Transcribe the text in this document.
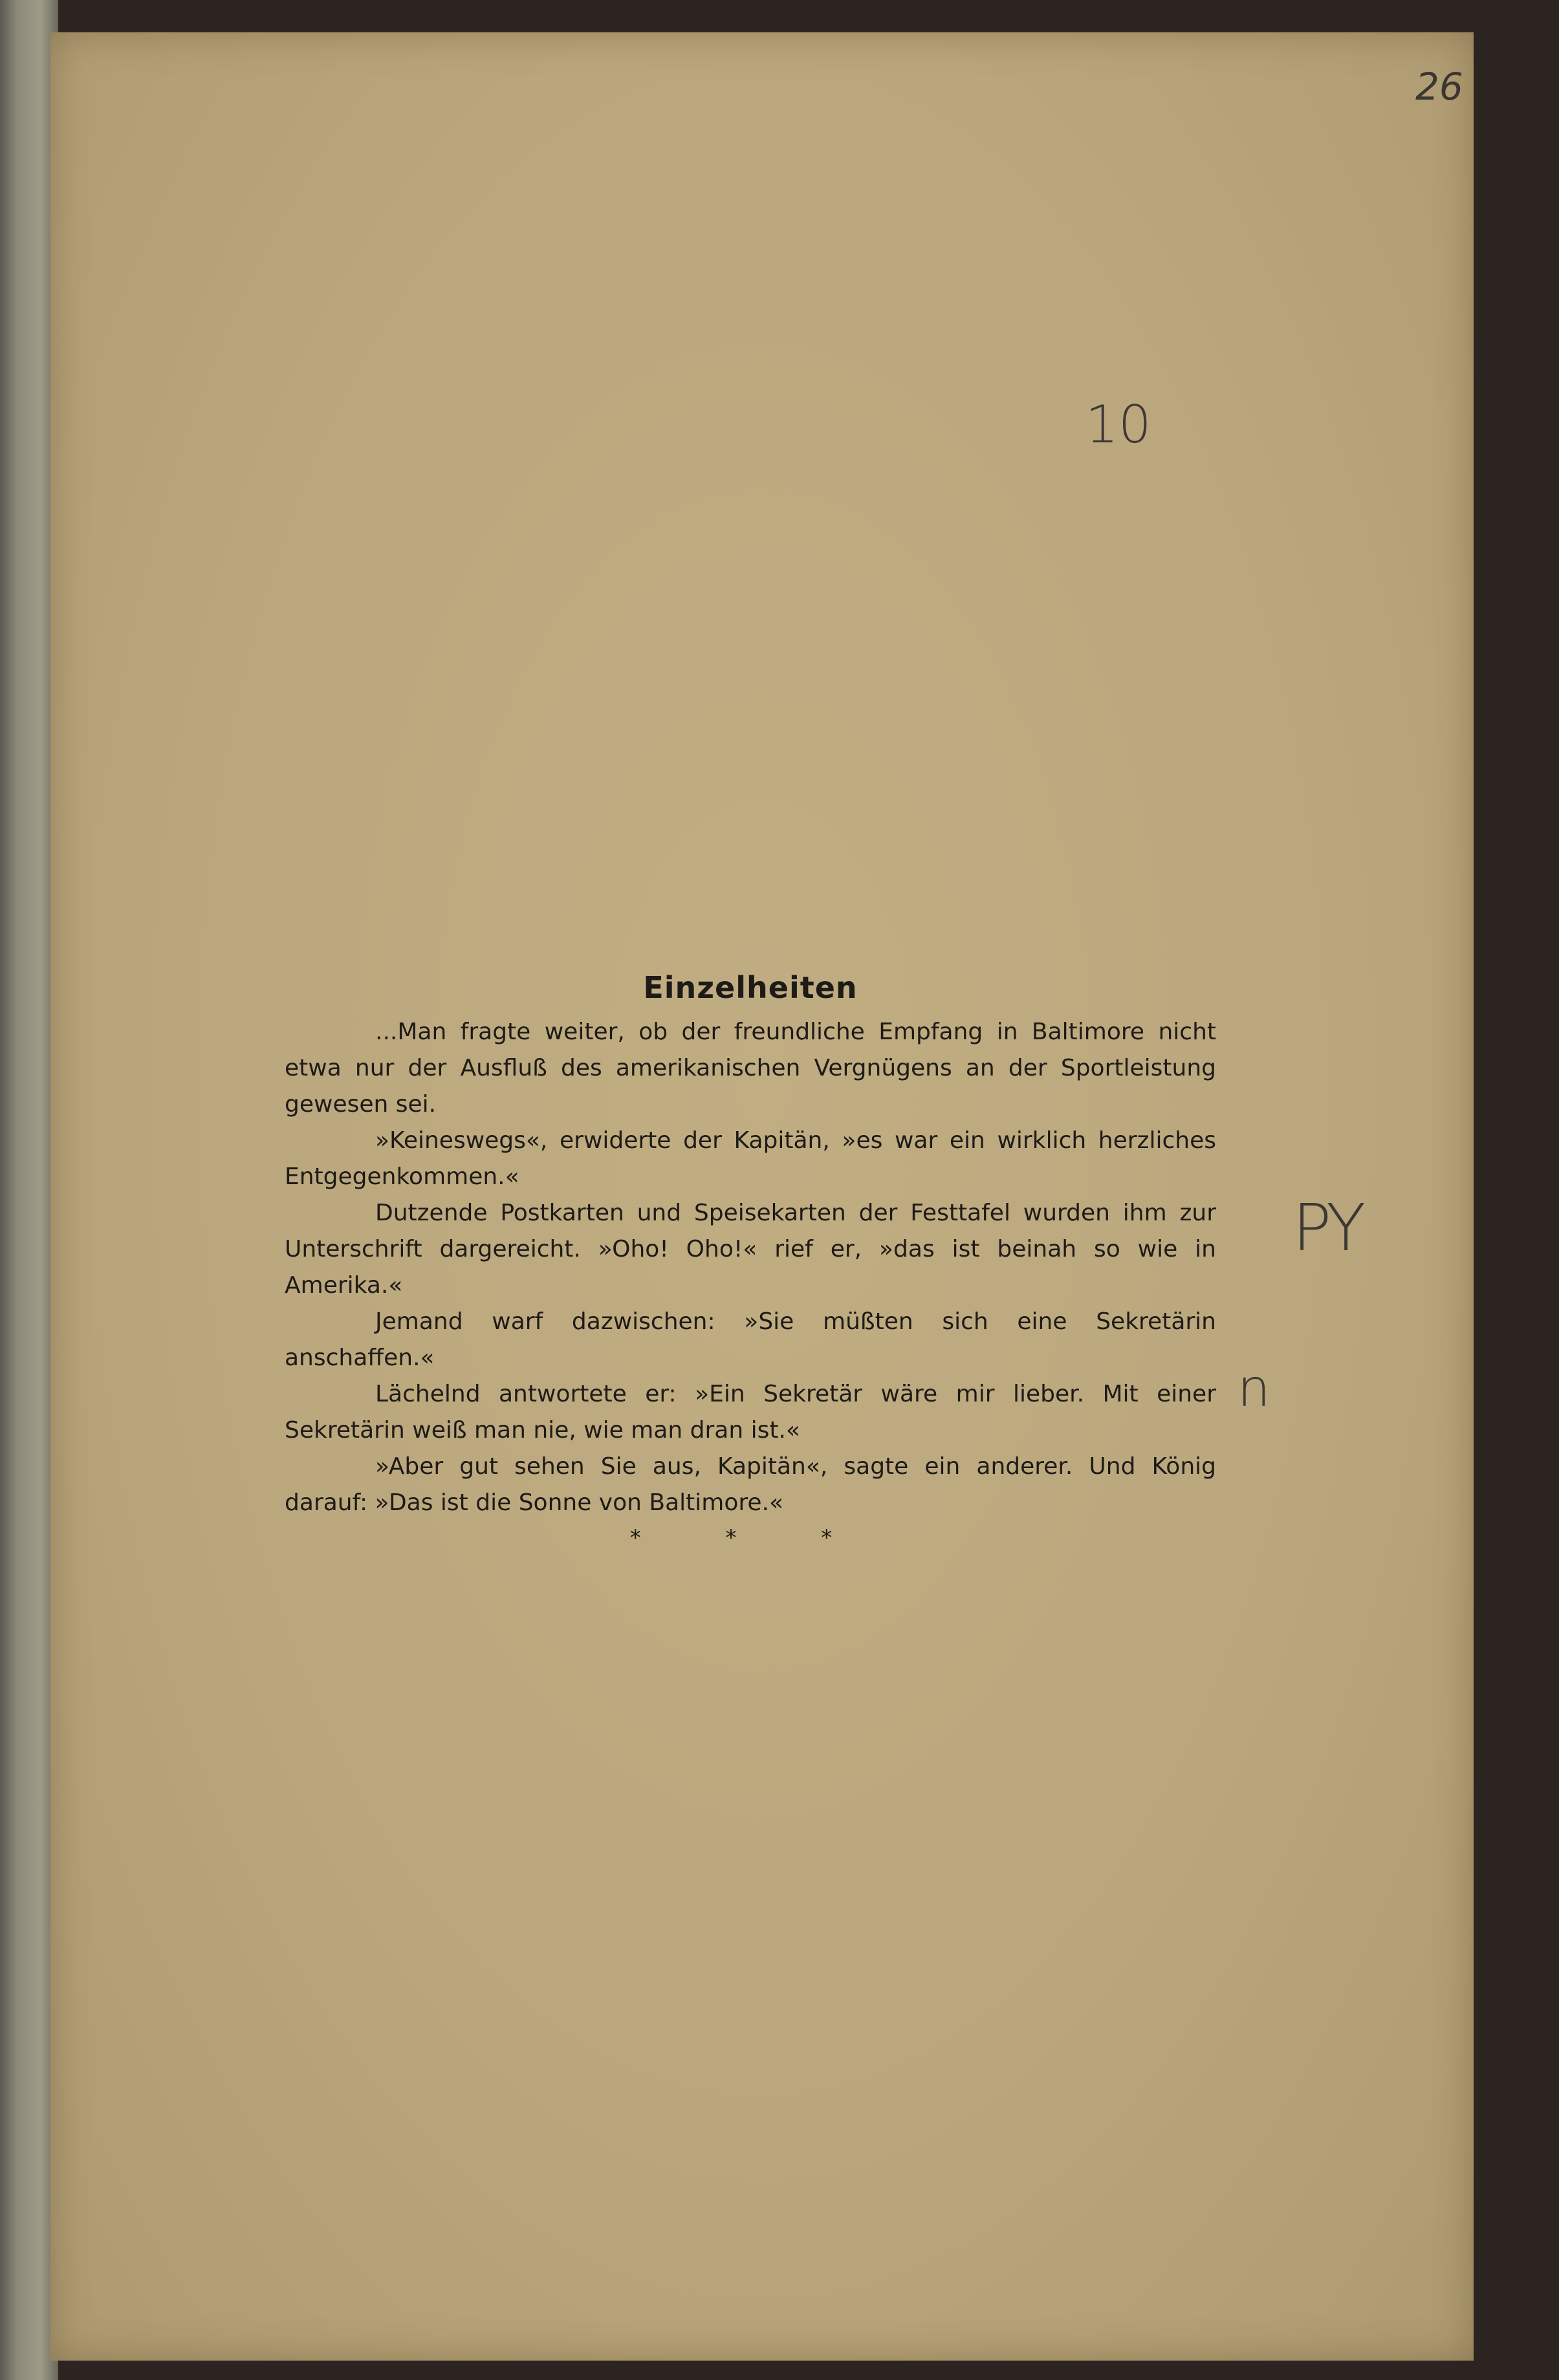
26
10
PY
n
Einzelheiten

...Man fragte weiter, ob der freundliche Empfang in Baltimore nicht etwa nur der Ausfluß des amerikanischen Vergnügens an der Sportleistung gewesen sei.

»Keineswegs«, erwiderte der Kapitän, »es war ein wirklich herzliches Entgegenkommen.«

Dutzende Postkarten und Speisekarten der Festtafel wurden ihm zur Unterschrift dargereicht. »Oho! Oho!« rief er, »das ist beinah so wie in Amerika.«

Jemand warf dazwischen: »Sie müßten sich eine Sekretärin anschaffen.«

Lächelnd antwortete er: »Ein Sekretär wäre mir lieber. Mit einer Sekretärin weiß man nie, wie man dran ist.«

»Aber gut sehen Sie aus, Kapitän«, sagte ein anderer. Und König darauf: »Das ist die Sonne von Baltimore.«

* * *
